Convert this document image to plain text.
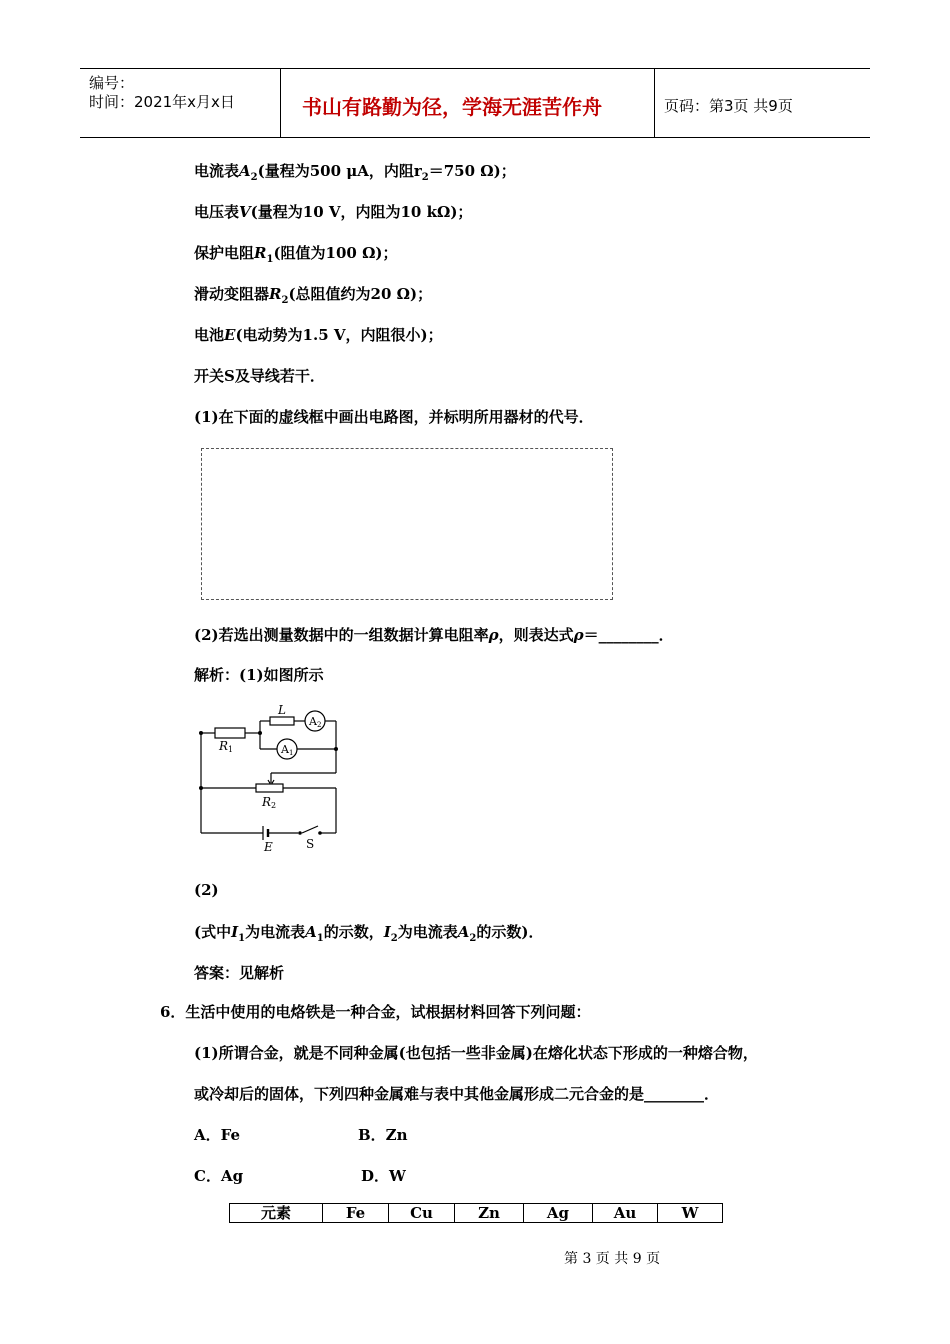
编号：
时间：2021年x月x日	书山有路勤为径，学海无涯苦作舟	页码：第3页 共9页
电流表$A_2$(量程为500 μA，内阻$r_2=750$ Ω)；
电压表V(量程为10 V，内阻为10 kΩ)；
保护电阻$R_1$(阻值为100 Ω)；
滑动变阻器$R_2$(总阻值约为20 Ω)；
电池E(电动势为1.5 V，内阻很小)；
开关S及导线若干．
(1)在下面的虚线框中画出电路图，并标明所用器材的代号．
(2)若选出测量数据中的一组数据计算电阻率ρ，则表达式ρ＝________．
解析：(1)如图所示
L
A2
A1
R1
R2
E	S
(2)
(式中$I_1$为电流表$A_1$的示数，$I_2$为电流表$A_2$的示数)．
答案：见解析
6．生活中使用的电烙铁是一种合金，试根据材料回答下列问题：
(1)所谓合金，就是不同种金属(也包括一些非金属)在熔化状态下形成的一种熔合物，
或冷却后的固体，下列四种金属难与表中其他金属形成二元合金的是________．
A．Fe	B．Zn
C．Ag	D．W
元素	Fe	Cu	Zn	Ag	Au	W
第 3 页 共 9 页
